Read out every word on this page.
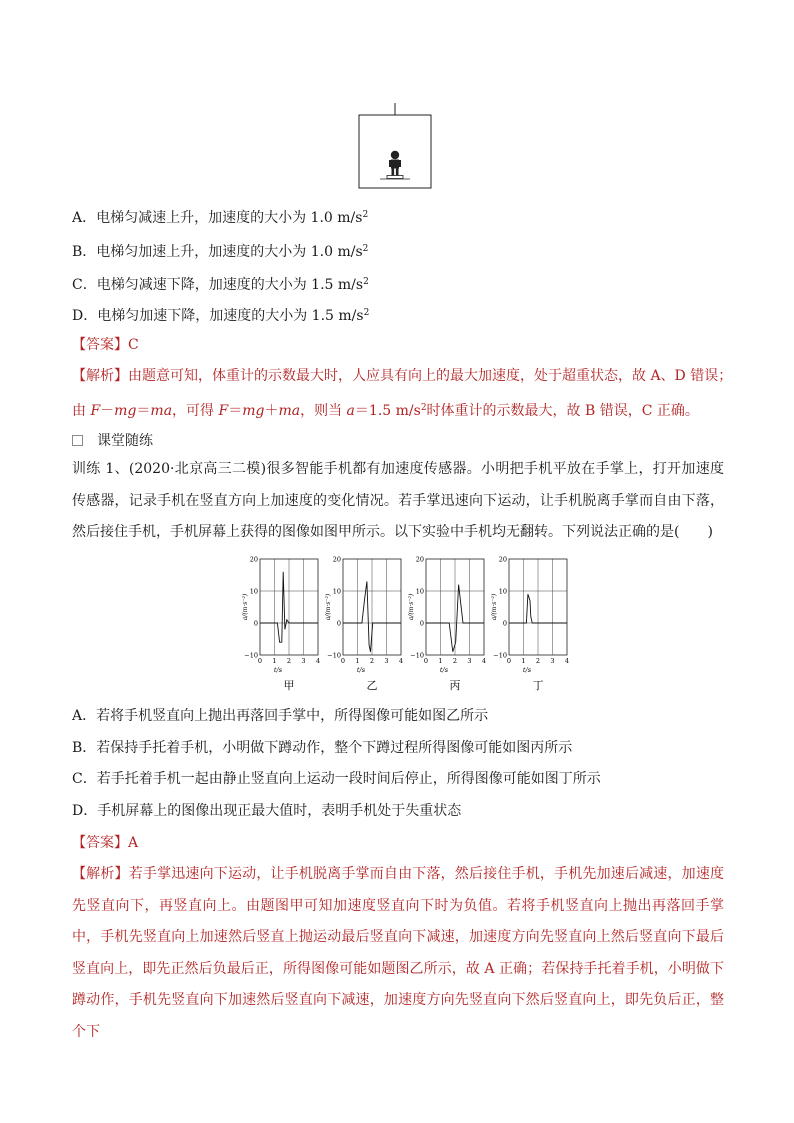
A．电梯匀减速上升，加速度的大小为 1.0 $m/s^2$
B．电梯匀加速上升，加速度的大小为 1.0 $m/s^2$
C．电梯匀减速下降，加速度的大小为 1.5 $m/s^2$
D．电梯匀加速下降，加速度的大小为 1.5 $m/s^2$
【答案】C
【解析】由题意可知，体重计的示数最大时，人应具有向上的最大加速度，处于超重状态，故 A、D 错误；
由 F－mg＝ma，可得 F＝mg＋ma，则当 a＝1.5 $m/s^2$时体重计的示数最大，故 B 错误，C 正确。
课堂随练
训练 1、(2020·北京高三二模)很多智能手机都有加速度传感器。小明把手机平放在手掌上，打开加速度传感器，记录手机在竖直方向上加速度的变化情况。若手掌迅速向下运动，让手机脱离手掌而自由下落，然后接住手机，手机屏幕上获得的图像如图甲所示。以下实验中手机均无翻转。下列说法正确的是(　　)
20
10
0
−10
0 1 2 3 4
a/(m·s⁻²)
t/s
甲
20
10
0
−10
0 1 2 3 4
a/(m·s⁻²)
t/s
乙
20
10
0
−10
0 1 2 3 4
a/(m·s⁻²)
t/s
丙
20
10
0
−10
0 1 2 3 4
a/(m·s⁻²)
t/s
丁
A．若将手机竖直向上抛出再落回手掌中，所得图像可能如图乙所示
B．若保持手托着手机，小明做下蹲动作，整个下蹲过程所得图像可能如图丙所示
C．若手托着手机一起由静止竖直向上运动一段时间后停止，所得图像可能如图丁所示
D．手机屏幕上的图像出现正最大值时，表明手机处于失重状态
【答案】A
【解析】若手掌迅速向下运动，让手机脱离手掌而自由下落，然后接住手机，手机先加速后减速，加速度先竖直向下，再竖直向上。由题图甲可知加速度竖直向下时为负值。若将手机竖直向上抛出再落回手掌中，手机先竖直向上加速然后竖直上抛运动最后竖直向下减速，加速度方向先竖直向上然后竖直向下最后竖直向上，即先正然后负最后正，所得图像可能如题图乙所示，故 A 正确；若保持手托着手机，小明做下蹲动作，手机先竖直向下加速然后竖直向下减速，加速度方向先竖直向下然后竖直向上，即先负后正，整个下
